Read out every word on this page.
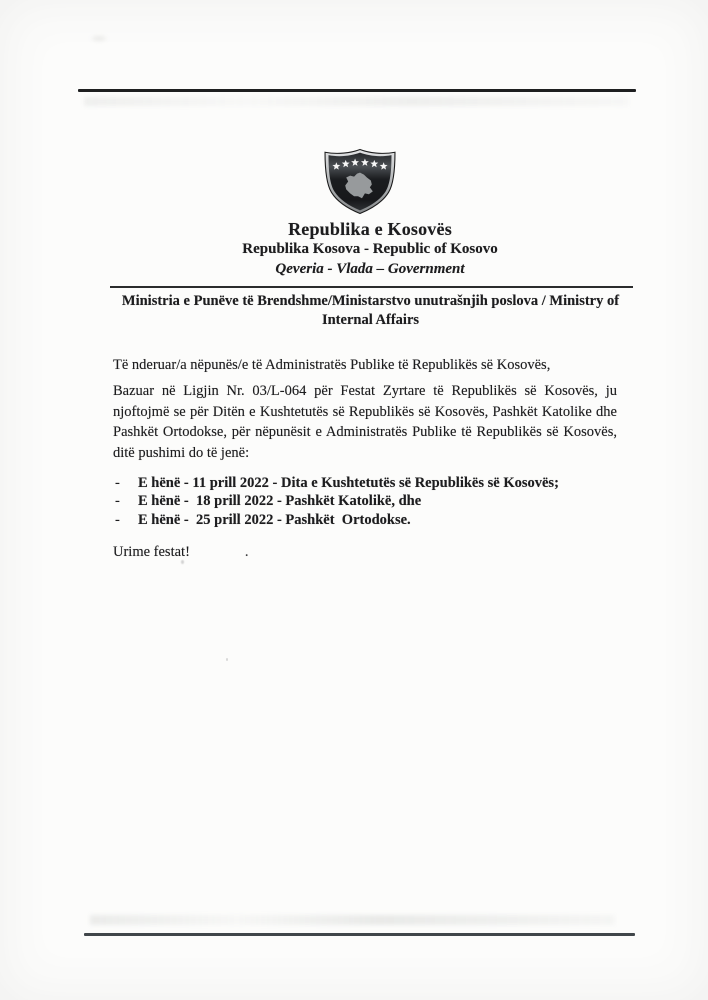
Republika e Kosovës
Republika Kosova - Republic of Kosovo
Qeveria - Vlada – Government
Ministria e Punëve të Brendshme/Ministarstvo unutrašnjih poslova / Ministry of Internal Affairs
Të nderuar/a nëpunës/e të Administratës Publike të Republikës së Kosovës,
Bazuar në Ligjin Nr. 03/L-064 për Festat Zyrtare të Republikës së Kosovës, ju njoftojmë se për Ditën e Kushtetutës së Republikës së Kosovës, Pashkët Katolike dhe Pashkët Ortodokse, për nëpunësit e Administratës Publike të Republikës së Kosovës, ditë pushimi do të jenë:
-	E hënë - 11 prill 2022 - Dita e Kushtetutës së Republikës së Kosovës;
-	E hënë -  18 prill 2022 - Pashkët Katolikë, dhe
-	E hënë -  25 prill 2022 - Pashkët  Ortodokse.
Urime festat!	.
